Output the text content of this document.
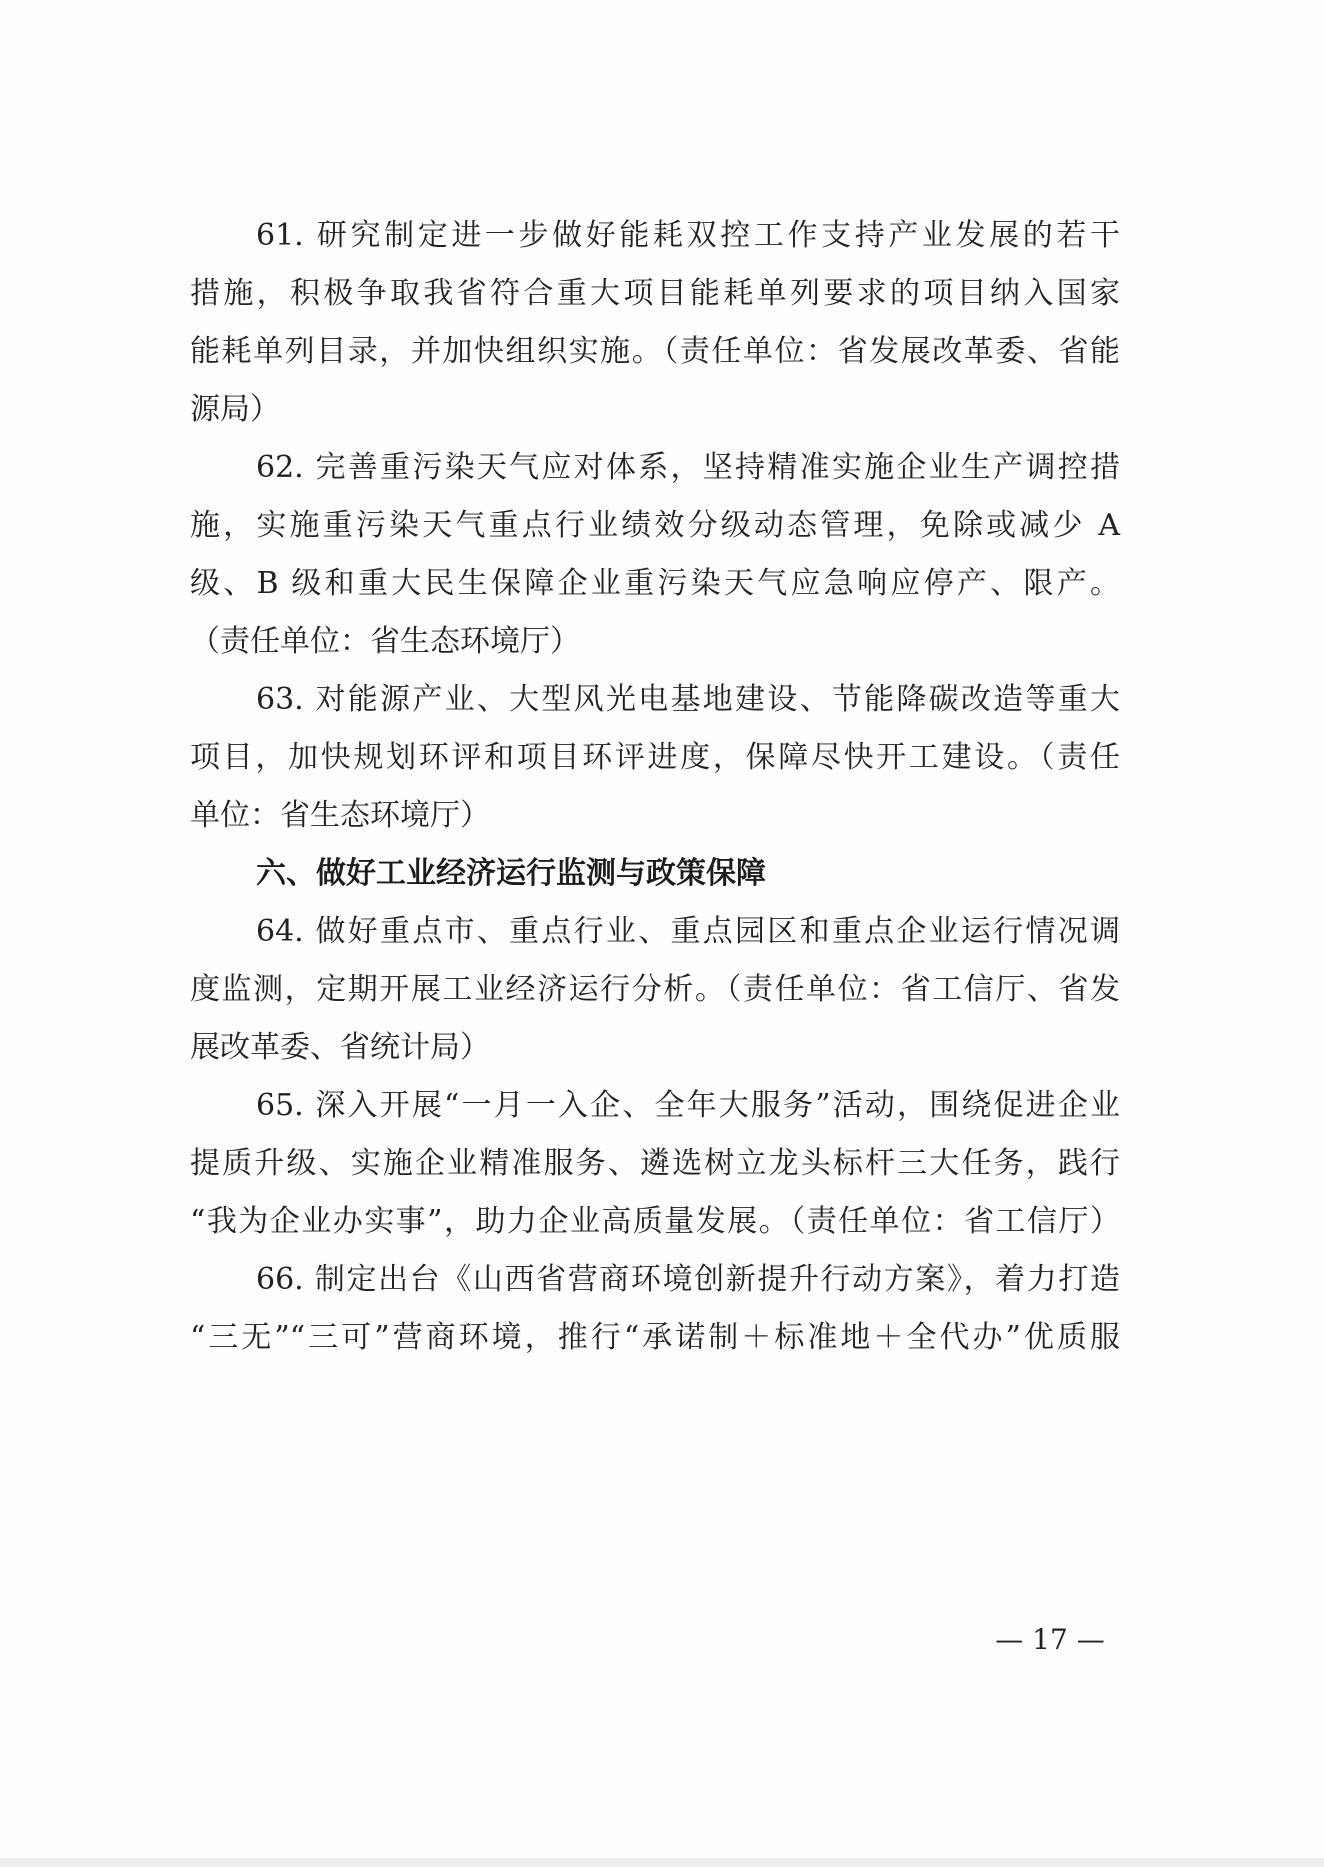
61. 研究制定进一步做好能耗双控工作支持产业发展的若干
措施，积极争取我省符合重大项目能耗单列要求的项目纳入国家
能耗单列目录，并加快组织实施。（责任单位：省发展改革委、省能
源局）
62. 完善重污染天气应对体系，坚持精准实施企业生产调控措
施，实施重污染天气重点行业绩效分级动态管理，免除或减少 A
级、B 级和重大民生保障企业重污染天气应急响应停产、限产。
（责任单位：省生态环境厅）
63. 对能源产业、大型风光电基地建设、节能降碳改造等重大
项目，加快规划环评和项目环评进度，保障尽快开工建设。（责任
单位：省生态环境厅）
六、做好工业经济运行监测与政策保障
64. 做好重点市、重点行业、重点园区和重点企业运行情况调
度监测，定期开展工业经济运行分析。（责任单位：省工信厅、省发
展改革委、省统计局）
65. 深入开展“一月一入企、全年大服务”活动，围绕促进企业
提质升级、实施企业精准服务、遴选树立龙头标杆三大任务，践行
“我为企业办实事”，助力企业高质量发展。（责任单位：省工信厅）
66. 制定出台《山西省营商环境创新提升行动方案》，着力打造
“三无”“三可”营商环境，推行“承诺制＋标准地＋全代办”优质服
— 17 —
